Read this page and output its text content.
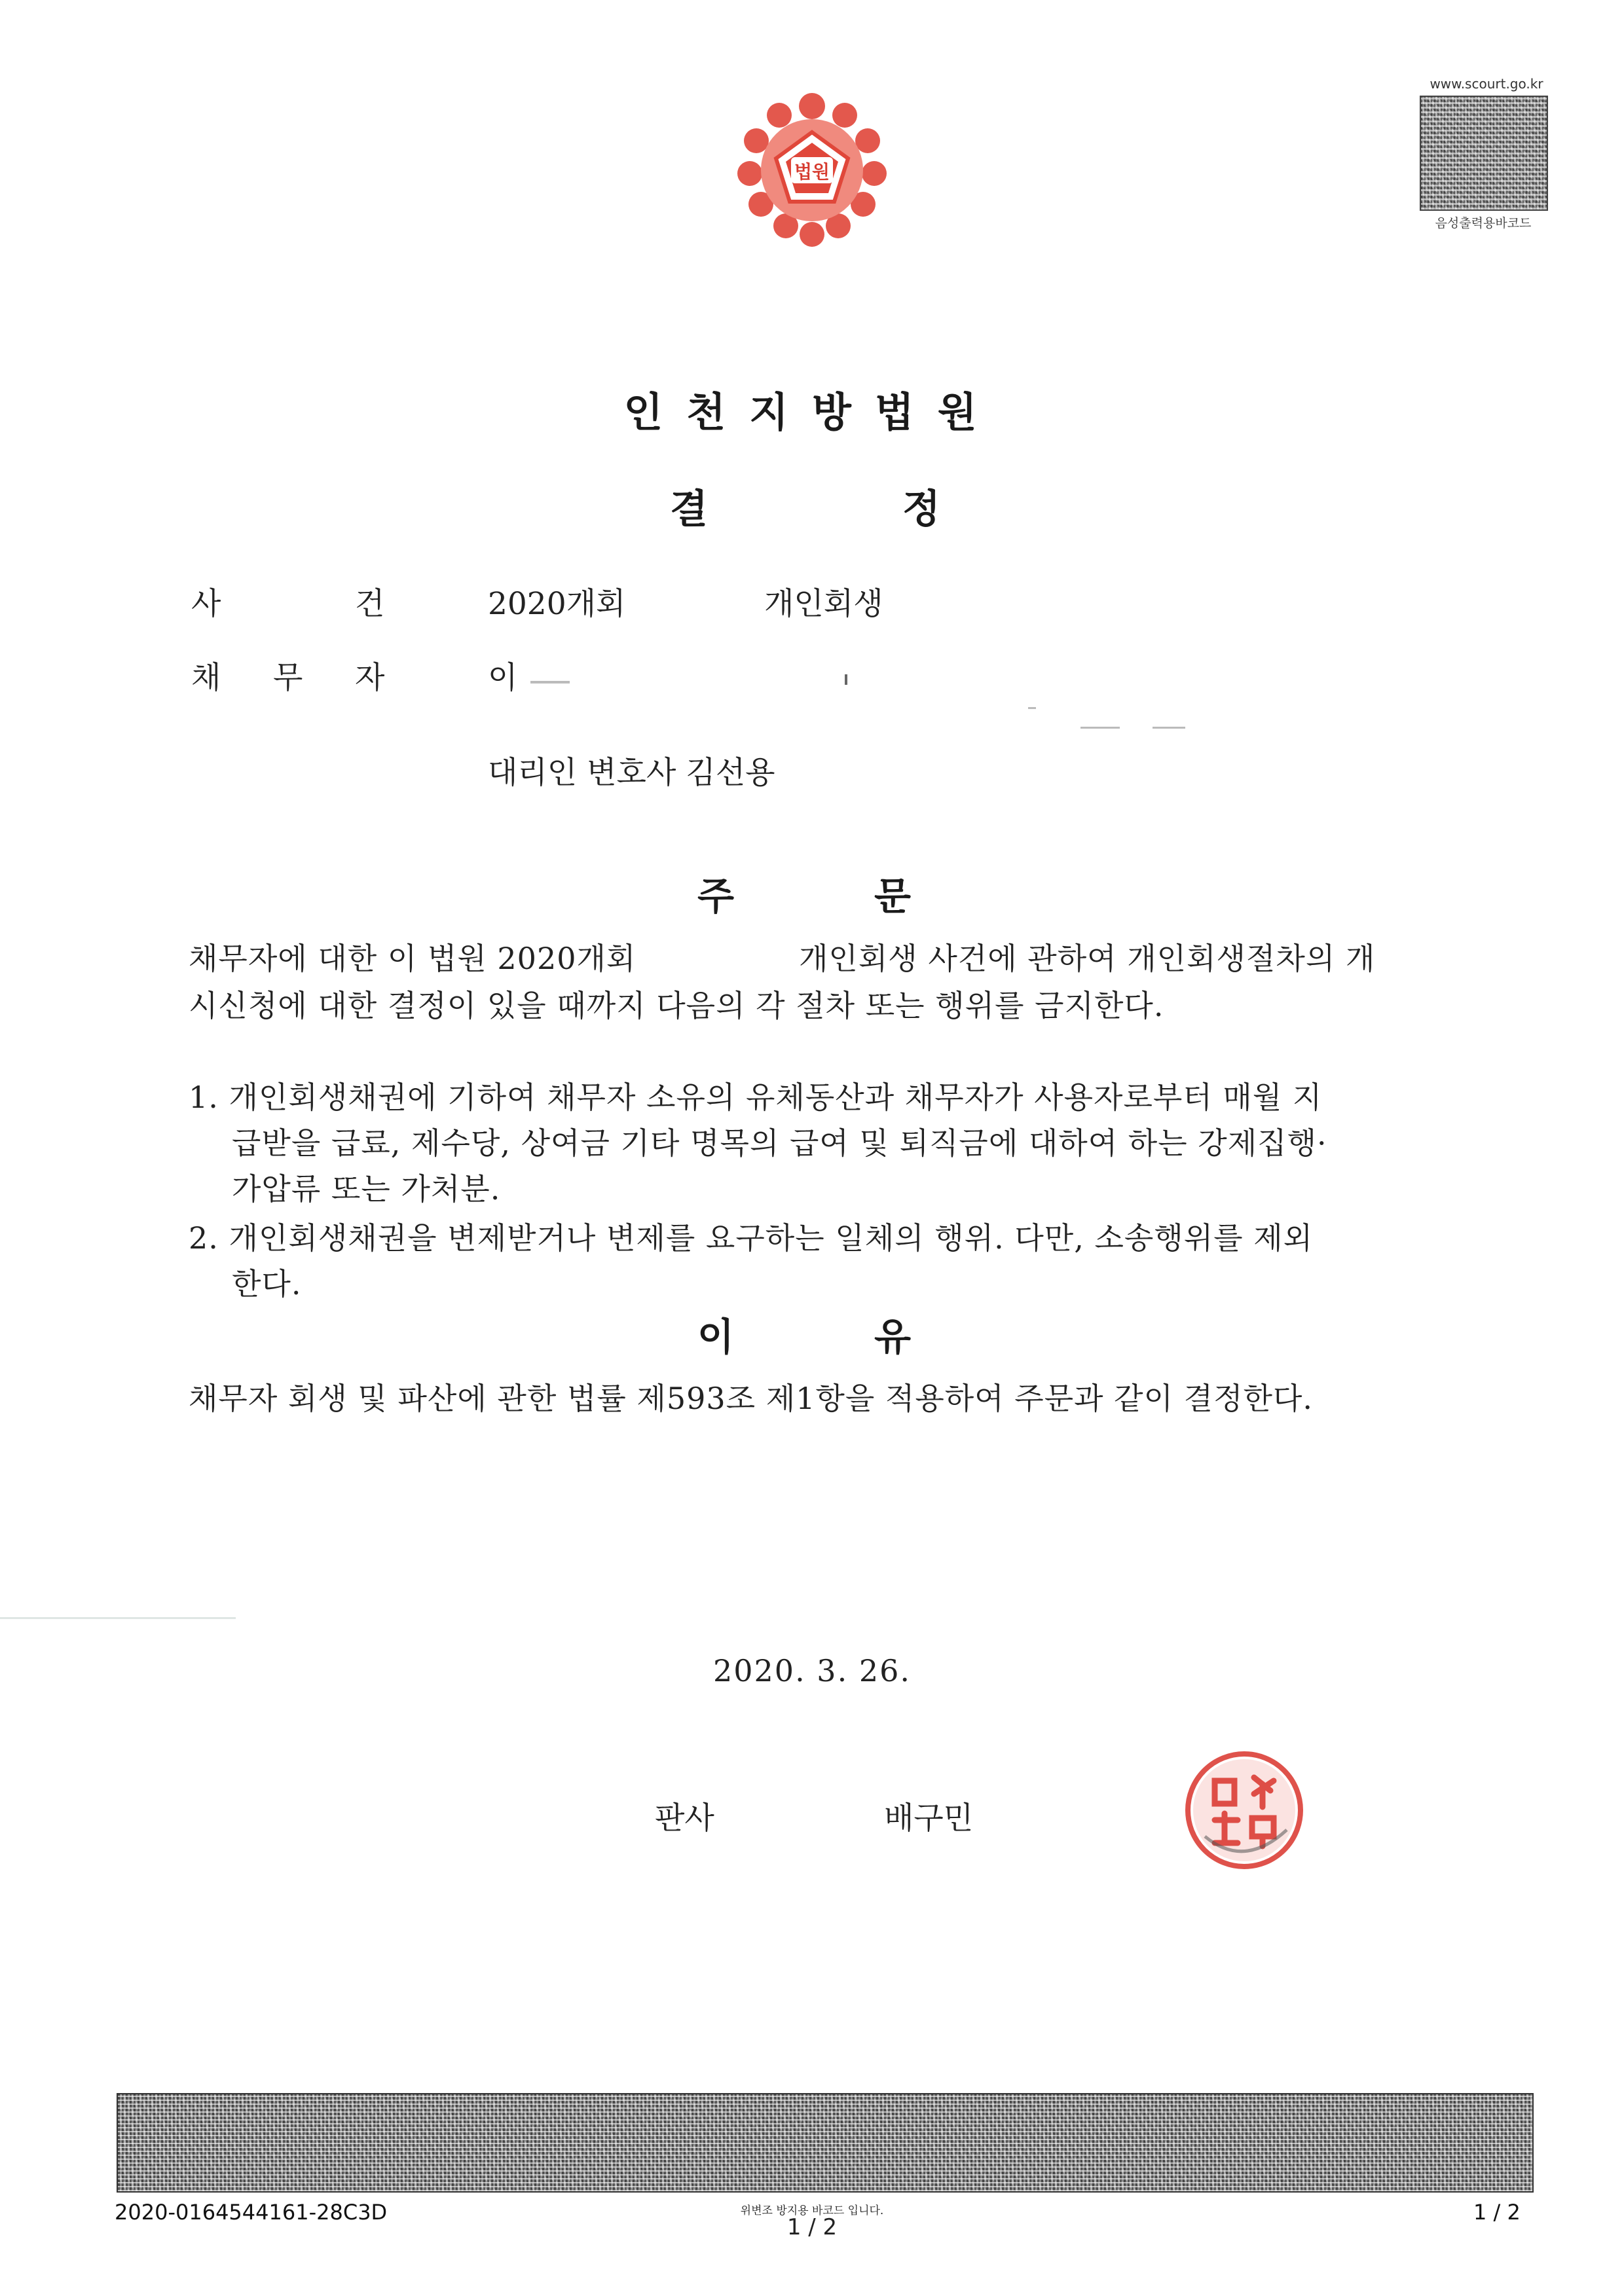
법원
www.scourt.go.kr
음성출력용바코드
인천지방법원
결	정
사	건	2020개회	개인회생
채 무 자	이
대리인 변호사 김선용
주	문
채무자에 대한 이 법원 2020개회	개인회생 사건에 관하여 개인회생절차의 개
시신청에 대한 결정이 있을 때까지 다음의 각 절차 또는 행위를 금지한다.
1. 개인회생채권에 기하여 채무자 소유의 유체동산과 채무자가 사용자로부터 매월 지
급받을 급료, 제수당, 상여금 기타 명목의 급여 및 퇴직금에 대하여 하는 강제집행·
가압류 또는 가처분.
2. 개인회생채권을 변제받거나 변제를 요구하는 일체의 행위. 다만, 소송행위를 제외
한다.
이	유
채무자 회생 및 파산에 관한 법률 제593조 제1항을 적용하여 주문과 같이 결정한다.
2020. 3. 26.
판사	배구민
2020-0164544161-28C3D	위변조 방지용 바코드 입니다.
1 / 2
1 / 2
